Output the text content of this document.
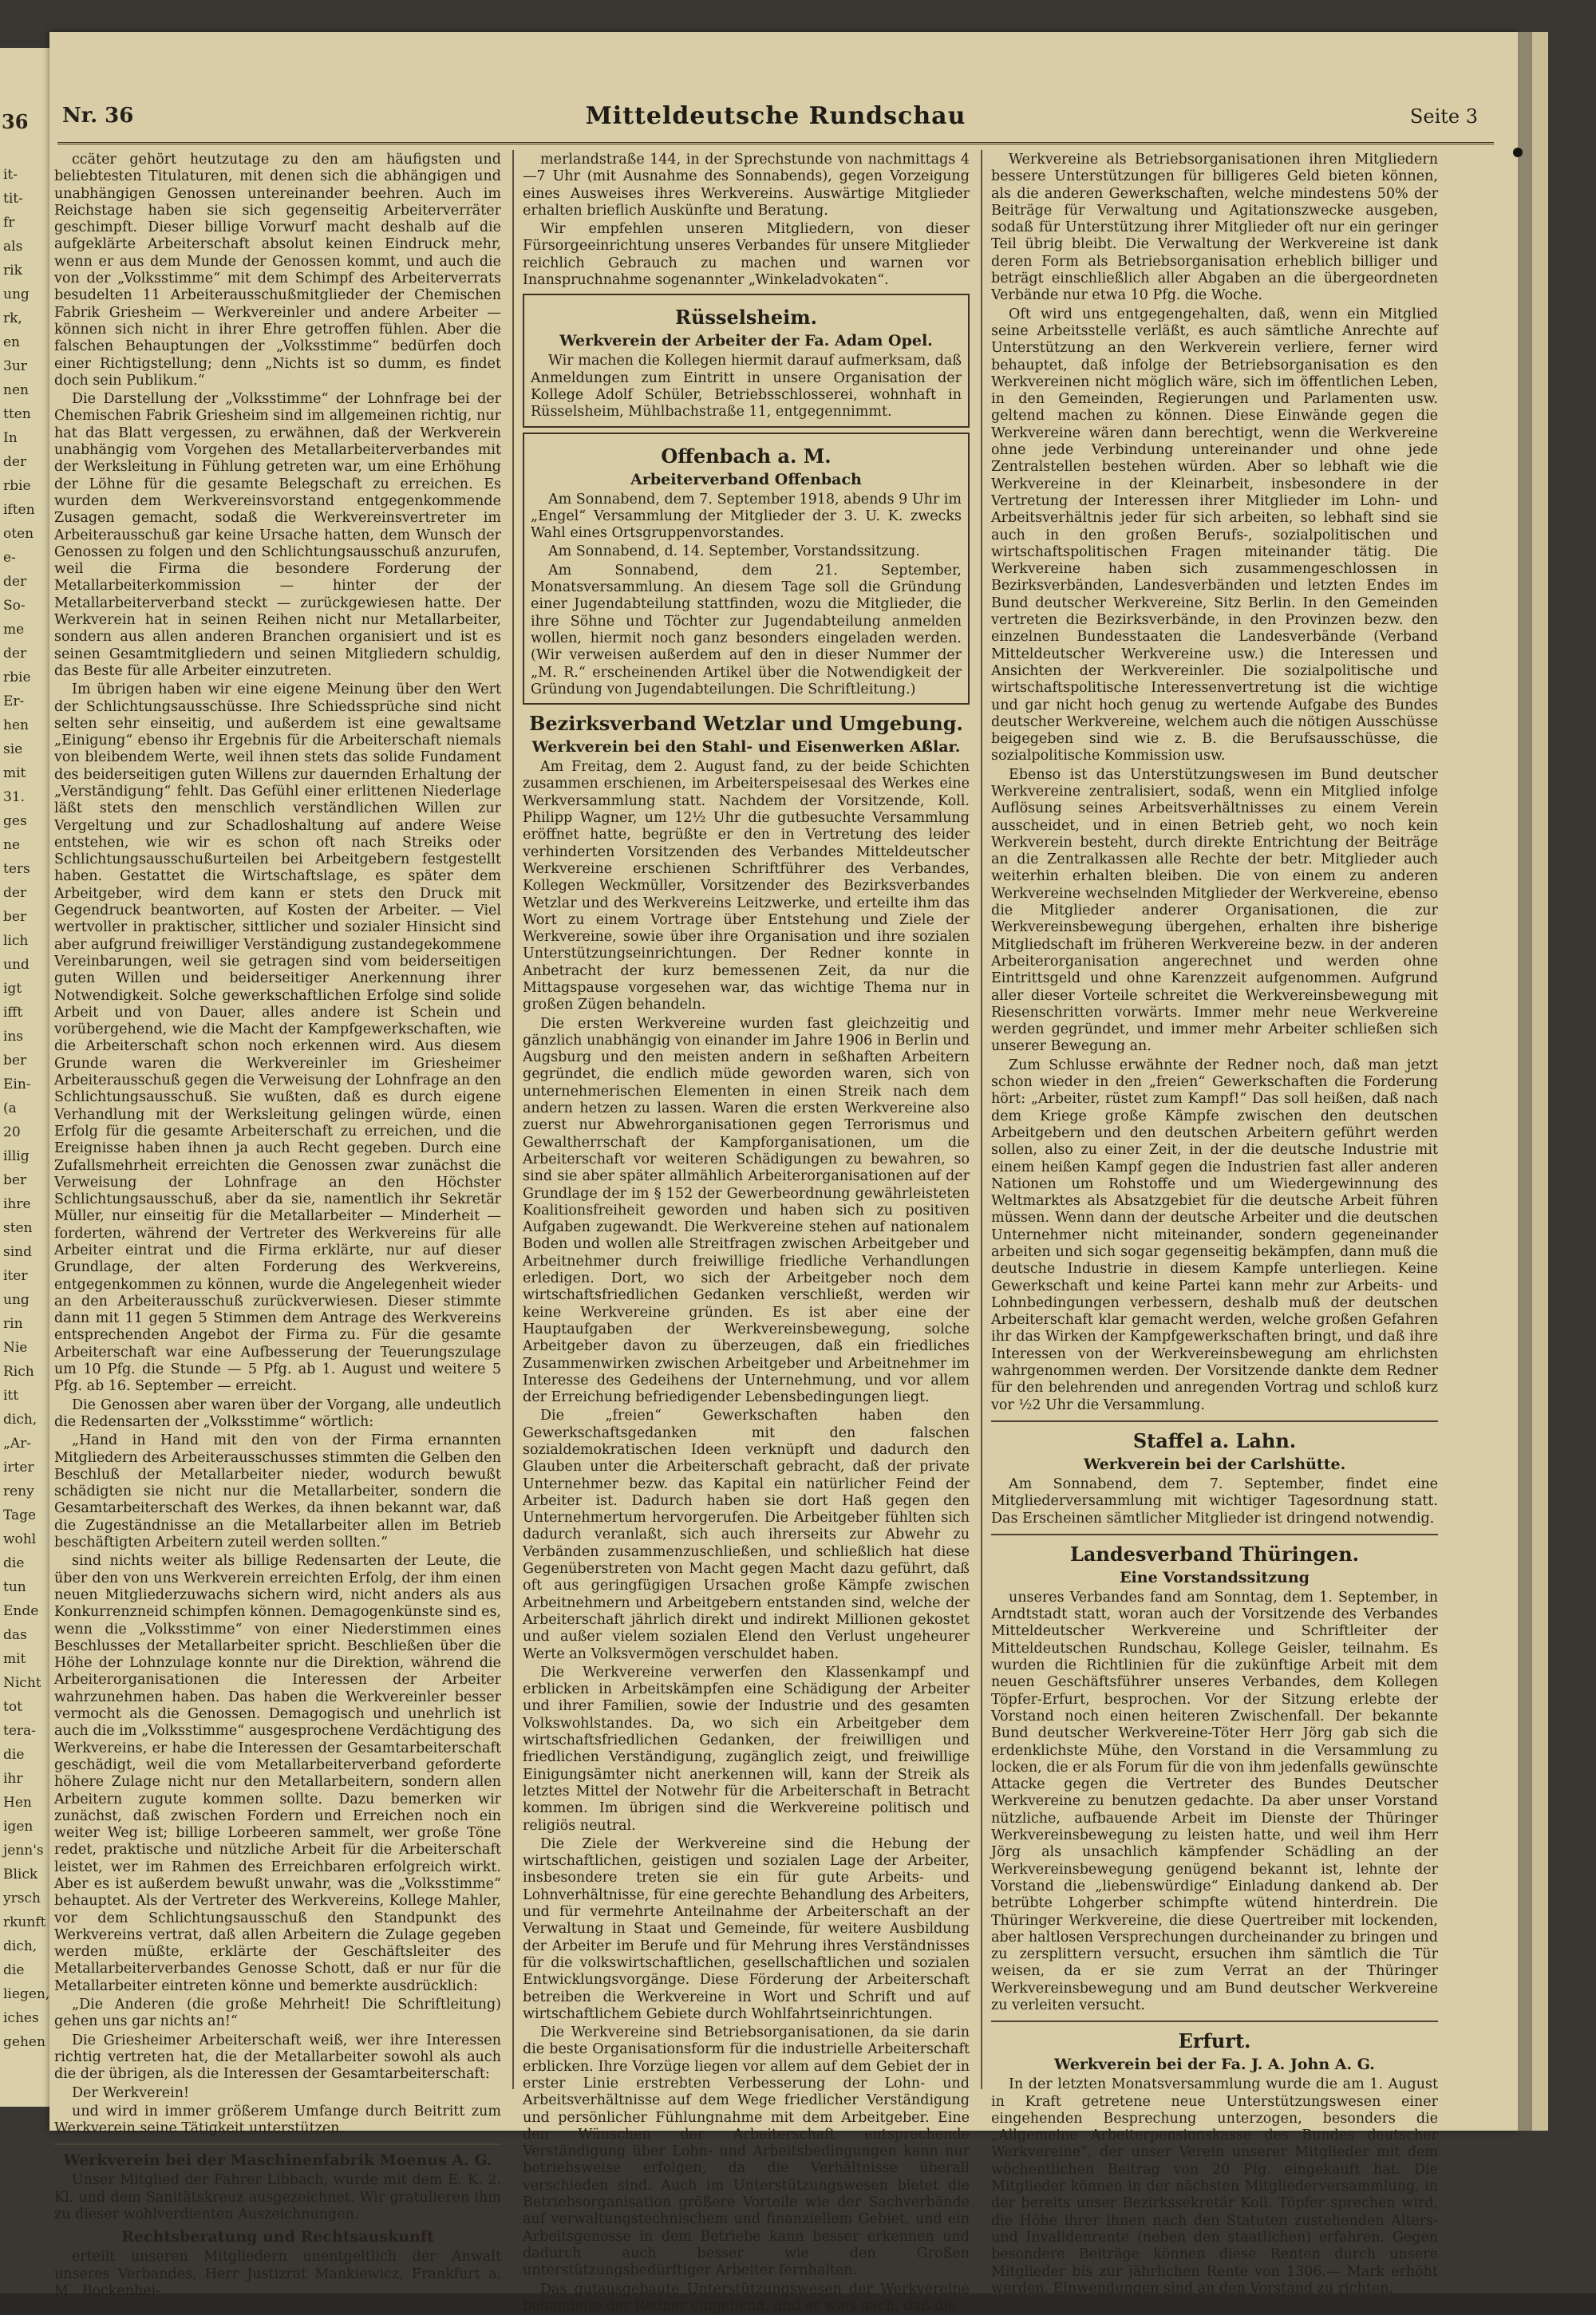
36
it-
tit-
fr
als
rik
ung
rk,
en
3ur
nen
tten
In
der
rbie
iften
oten
e-
der
So-
me
der
rbie
Er-
hen
sie
mit
31.
ges
ne
ters
der
ber
lich
und
igt
ifft
ins
ber
Ein-
(a
20
illig
ber
ihre
sten
sind
iter
ung
rin
Nie
Rich
itt
dich,
„Ar-
irter
reny
Tage
wohl
die
tun
Ende
das
mit
Nicht
tot
tera-
die
ihr
Hen
igen
jenn's
Blick
yrsch
rkunft
dich,
die
liegen,
iches
gehen
Nr. 36	Mitteldeutsche Rundschau	Seite 3

ccäter gehört heutzutage zu den am häufigsten und beliebtesten Titulaturen, mit denen sich die abhängigen und unabhängigen Genossen untereinander beehren. Auch im Reichstage haben sie sich gegenseitig Arbeiterverräter geschimpft. Dieser billige Vorwurf macht deshalb auf die aufgeklärte Arbeiterschaft absolut keinen Eindruck mehr, wenn er aus dem Munde der Genossen kommt, und auch die von der „Volksstimme“ mit dem Schimpf des Arbeiterverrats besudelten 11 Arbeiterausschußmitglieder der Chemischen Fabrik Griesheim — Werkvereinler und andere Arbeiter — können sich nicht in ihrer Ehre getroffen fühlen. Aber die falschen Behauptungen der „Volksstimme“ bedürfen doch einer Richtigstellung; denn „Nichts ist so dumm, es findet doch sein Publikum.“

Die Darstellung der „Volksstimme“ der Lohnfrage bei der Chemischen Fabrik Griesheim sind im allgemeinen richtig, nur hat das Blatt vergessen, zu erwähnen, daß der Werkverein unabhängig vom Vorgehen des Metallarbeiterverbandes mit der Werksleitung in Fühlung getreten war, um eine Erhöhung der Löhne für die gesamte Belegschaft zu erreichen. Es wurden dem Werkvereinsvorstand entgegenkommende Zusagen gemacht, sodaß die Werkvereinsvertreter im Arbeiterausschuß gar keine Ursache hatten, dem Wunsch der Genossen zu folgen und den Schlichtungsausschuß anzurufen, weil die Firma die besondere Forderung der Metallarbeiterkommission — hinter der der Metallarbeiterverband steckt — zurückgewiesen hatte. Der Werkverein hat in seinen Reihen nicht nur Metallarbeiter, sondern aus allen anderen Branchen organisiert und ist es seinen Gesamtmitgliedern und seinen Mitgliedern schuldig, das Beste für alle Arbeiter einzutreten.

Im übrigen haben wir eine eigene Meinung über den Wert der Schlichtungsausschüsse. Ihre Schiedssprüche sind nicht selten sehr einseitig, und außerdem ist eine gewaltsame „Einigung“ ebenso ihr Ergebnis für die Arbeiterschaft niemals von bleibendem Werte, weil ihnen stets das solide Fundament des beiderseitigen guten Willens zur dauernden Erhaltung der „Verständigung“ fehlt. Das Gefühl einer erlittenen Niederlage läßt stets den menschlich verständlichen Willen zur Vergeltung und zur Schadloshaltung auf andere Weise entstehen, wie wir es schon oft nach Streiks oder Schlichtungsausschußurteilen bei Arbeitgebern festgestellt haben. Gestattet die Wirtschaftslage, es später dem Arbeitgeber, wird dem kann er stets den Druck mit Gegendruck beantworten, auf Kosten der Arbeiter. — Viel wertvoller in praktischer, sittlicher und sozialer Hinsicht sind aber aufgrund freiwilliger Verständigung zustandegekommene Vereinbarungen, weil sie getragen sind vom beiderseitigen guten Willen und beiderseitiger Anerkennung ihrer Notwendigkeit. Solche gewerkschaftlichen Erfolge sind solide Arbeit und von Dauer, alles andere ist Schein und vorübergehend, wie die Macht der Kampfgewerkschaften, wie die Arbeiterschaft schon noch erkennen wird. Aus diesem Grunde waren die Werkvereinler im Griesheimer Arbeiterausschuß gegen die Verweisung der Lohnfrage an den Schlichtungsausschuß. Sie wußten, daß es durch eigene Verhandlung mit der Werksleitung gelingen würde, einen Erfolg für die gesamte Arbeiterschaft zu erreichen, und die Ereignisse haben ihnen ja auch Recht gegeben. Durch eine Zufallsmehrheit erreichten die Genossen zwar zunächst die Verweisung der Lohnfrage an den Höchster Schlichtungsausschuß, aber da sie, namentlich ihr Sekretär Müller, nur einseitig für die Metallarbeiter — Minderheit — forderten, während der Vertreter des Werkvereins für alle Arbeiter eintrat und die Firma erklärte, nur auf dieser Grundlage, der alten Forderung des Werkvereins, entgegenkommen zu können, wurde die Angelegenheit wieder an den Arbeiterausschuß zurückverwiesen. Dieser stimmte dann mit 11 gegen 5 Stimmen dem Antrage des Werkvereins entsprechenden Angebot der Firma zu. Für die gesamte Arbeiterschaft war eine Aufbesserung der Teuerungszulage um 10 Pfg. die Stunde — 5 Pfg. ab 1. August und weitere 5 Pfg. ab 16. September — erreicht.

Die Genossen aber waren über der Vorgang, alle undeutlich die Redensarten der „Volksstimme“ wörtlich:

„Hand in Hand mit den von der Firma ernannten Mitgliedern des Arbeiterausschusses stimmten die Gelben den Beschluß der Metallarbeiter nieder, wodurch bewußt schädigten sie nicht nur die Metallarbeiter, sondern die Gesamtarbeiterschaft des Werkes, da ihnen bekannt war, daß die Zugeständnisse an die Metallarbeiter allen im Betrieb beschäftigten Arbeitern zuteil werden sollten.“

sind nichts weiter als billige Redensarten der Leute, die über den von uns Werkverein erreichten Erfolg, der ihm einen neuen Mitgliederzuwachs sichern wird, nicht anders als aus Konkurrenzneid schimpfen können. Demagogenkünste sind es, wenn die „Volksstimme“ von einer Niederstimmen eines Beschlusses der Metallarbeiter spricht. Beschließen über die Höhe der Lohnzulage konnte nur die Direktion, während die Arbeiterorganisationen die Interessen der Arbeiter wahrzunehmen haben. Das haben die Werkvereinler besser vermocht als die Genossen. Demagogisch und unehrlich ist auch die im „Volksstimme“ ausgesprochene Verdächtigung des Werkvereins, er habe die Interessen der Gesamtarbeiterschaft geschädigt, weil die vom Metallarbeiterverband geforderte höhere Zulage nicht nur den Metallarbeitern, sondern allen Arbeitern zugute kommen sollte. Dazu bemerken wir zunächst, daß zwischen Fordern und Erreichen noch ein weiter Weg ist; billige Lorbeeren sammelt, wer große Töne redet, praktische und nützliche Arbeit für die Arbeiterschaft leistet, wer im Rahmen des Erreichbaren erfolgreich wirkt. Aber es ist außerdem bewußt unwahr, was die „Volksstimme“ behauptet. Als der Vertreter des Werkvereins, Kollege Mahler, vor dem Schlichtungsausschuß den Standpunkt des Werkvereins vertrat, daß allen Arbeitern die Zulage gegeben werden müßte, erklärte der Geschäftsleiter des Metallarbeiterverbandes Genosse Schott, daß er nur für die Metallarbeiter eintreten könne und bemerkte ausdrücklich:

„Die Anderen (die große Mehrheit! Die Schriftleitung) gehen uns gar nichts an!“

Die Griesheimer Arbeiterschaft weiß, wer ihre Interessen richtig vertreten hat, die der Metallarbeiter sowohl als auch die der übrigen, als die Interessen der Gesamtarbeiterschaft:

Der Werkverein!

und wird in immer größerem Umfange durch Beitritt zum Werkverein seine Tätigkeit unterstützen.

Werkverein bei der Maschinenfabrik Moenus A. G.

Unser Mitglied der Fahrer Libbach, wurde mit dem E. K. 2. Kl. und dem Sanitätskreuz ausgezeichnet. Wir gratulieren ihm zu dieser wohlverdienten Auszeichnungen.

Rechtsberatung und Rechtsauskunft

erteilt unseren Mitgliedern unentgeltlich der Anwalt unseres Verbandes, Herr Justizrat Mankiewicz, Frankfurt a. M., Bockenhei-

merlandstraße 144, in der Sprechstunde von nachmittags 4—7 Uhr (mit Ausnahme des Sonnabends), gegen Vorzeigung eines Ausweises ihres Werkvereins. Auswärtige Mitglieder erhalten brieflich Auskünfte und Beratung.

Wir empfehlen unseren Mitgliedern, von dieser Fürsorgeeinrichtung unseres Verbandes für unsere Mitglieder reichlich Gebrauch zu machen und warnen vor Inanspruchnahme sogenannter „Winkeladvokaten“.

Rüsselsheim.
Werkverein der Arbeiter der Fa. Adam Opel.

Wir machen die Kollegen hiermit darauf aufmerksam, daß Anmeldungen zum Eintritt in unsere Organisation der Kollege Adolf Schüler, Betriebsschlosserei, wohnhaft in Rüsselsheim, Mühlbachstraße 11, entgegennimmt.

Offenbach a. M.
Arbeiterverband Offenbach

Am Sonnabend, dem 7. September 1918, abends 9 Uhr im „Engel“ Versammlung der Mitglieder der 3. U. K. zwecks Wahl eines Ortsgruppenvorstandes.

Am Sonnabend, d. 14. September, Vorstandssitzung.

Am Sonnabend, dem 21. September, Monatsversammlung. An diesem Tage soll die Gründung einer Jugendabteilung stattfinden, wozu die Mitglieder, die ihre Söhne und Töchter zur Jugendabteilung anmelden wollen, hiermit noch ganz besonders eingeladen werden. (Wir verweisen außerdem auf den in dieser Nummer der „M. R.“ erscheinenden Artikel über die Notwendigkeit der Gründung von Jugendabteilungen. Die Schriftleitung.)

Bezirksverband Wetzlar und Umgebung.
Werkverein bei den Stahl- und Eisenwerken Aßlar.

Am Freitag, dem 2. August fand, zu der beide Schichten zusammen erschienen, im Arbeiterspeisesaal des Werkes eine Werkversammlung statt. Nachdem der Vorsitzende, Koll. Philipp Wagner, um 12½ Uhr die gutbesuchte Versammlung eröffnet hatte, begrüßte er den in Vertretung des leider verhinderten Vorsitzenden des Verbandes Mitteldeutscher Werkvereine erschienen Schriftführer des Verbandes, Kollegen Weckmüller, Vorsitzender des Bezirksverbandes Wetzlar und des Werkvereins Leitzwerke, und erteilte ihm das Wort zu einem Vortrage über Entstehung und Ziele der Werkvereine, sowie über ihre Organisation und ihre sozialen Unterstützungseinrichtungen. Der Redner konnte in Anbetracht der kurz bemessenen Zeit, da nur die Mittagspause vorgesehen war, das wichtige Thema nur in großen Zügen behandeln.

Die ersten Werkvereine wurden fast gleichzeitig und gänzlich unabhängig von einander im Jahre 1906 in Berlin und Augsburg und den meisten andern in seßhaften Arbeitern gegründet, die endlich müde geworden waren, sich von unternehmerischen Elementen in einen Streik nach dem andern hetzen zu lassen. Waren die ersten Werkvereine also zuerst nur Abwehrorganisationen gegen Terrorismus und Gewaltherrschaft der Kampforganisationen, um die Arbeiterschaft vor weiteren Schädigungen zu bewahren, so sind sie aber später allmählich Arbeiterorganisationen auf der Grundlage der im § 152 der Gewerbeordnung gewährleisteten Koalitionsfreiheit geworden und haben sich zu positiven Aufgaben zugewandt. Die Werkvereine stehen auf nationalem Boden und wollen alle Streitfragen zwischen Arbeitgeber und Arbeitnehmer durch freiwillige friedliche Verhandlungen erledigen. Dort, wo sich der Arbeitgeber noch dem wirtschaftsfriedlichen Gedanken verschließt, werden wir keine Werkvereine gründen. Es ist aber eine der Hauptaufgaben der Werkvereinsbewegung, solche Arbeitgeber davon zu überzeugen, daß ein friedliches Zusammenwirken zwischen Arbeitgeber und Arbeitnehmer im Interesse des Gedeihens der Unternehmung, und vor allem der Erreichung befriedigender Lebensbedingungen liegt.

Die „freien“ Gewerkschaften haben den Gewerkschaftsgedanken mit den falschen sozialdemokratischen Ideen verknüpft und dadurch den Glauben unter die Arbeiterschaft gebracht, daß der private Unternehmer bezw. das Kapital ein natürlicher Feind der Arbeiter ist. Dadurch haben sie dort Haß gegen den Unternehmertum hervorgerufen. Die Arbeitgeber fühlten sich dadurch veranlaßt, sich auch ihrerseits zur Abwehr zu Verbänden zusammenzuschließen, und schließlich hat diese Gegenüberstreten von Macht gegen Macht dazu geführt, daß oft aus geringfügigen Ursachen große Kämpfe zwischen Arbeitnehmern und Arbeitgebern entstanden sind, welche der Arbeiterschaft jährlich direkt und indirekt Millionen gekostet und außer vielem sozialen Elend den Verlust ungeheurer Werte an Volksvermögen verschuldet haben.

Die Werkvereine verwerfen den Klassenkampf und erblicken in Arbeitskämpfen eine Schädigung der Arbeiter und ihrer Familien, sowie der Industrie und des gesamten Volkswohlstandes. Da, wo sich ein Arbeitgeber dem wirtschaftsfriedlichen Gedanken, der freiwilligen und friedlichen Verständigung, zugänglich zeigt, und freiwillige Einigungsämter nicht anerkennen will, kann der Streik als letztes Mittel der Notwehr für die Arbeiterschaft in Betracht kommen. Im übrigen sind die Werkvereine politisch und religiös neutral.

Die Ziele der Werkvereine sind die Hebung der wirtschaftlichen, geistigen und sozialen Lage der Arbeiter, insbesondere treten sie ein für gute Arbeits- und Lohnverhältnisse, für eine gerechte Behandlung des Arbeiters, und für vermehrte Anteilnahme der Arbeiterschaft an der Verwaltung in Staat und Gemeinde, für weitere Ausbildung der Arbeiter im Berufe und für Mehrung ihres Verständnisses für die volkswirtschaftlichen, gesellschaftlichen und sozialen Entwicklungsvorgänge. Diese Förderung der Arbeiterschaft betreiben die Werkvereine in Wort und Schrift und auf wirtschaftlichem Gebiete durch Wohlfahrtseinrichtungen.

Die Werkvereine sind Betriebsorganisationen, da sie darin die beste Organisationsform für die industrielle Arbeiterschaft erblicken. Ihre Vorzüge liegen vor allem auf dem Gebiet der in erster Linie erstrebten Verbesserung der Lohn- und Arbeitsverhältnisse auf dem Wege friedlicher Verständigung und persönlicher Fühlungnahme mit dem Arbeitgeber. Eine den Wünschen der Arbeiterschaft entsprechende Verständigung über Lohn- und Arbeitsbedingungen kann nur betriebsweise erfolgen, da die Verhältnisse überall verschieden sind. Auch im Unterstützungswesen bietet die Betriebsorganisation größere Vorteile wie der Sachverbände auf verwaltungstechnischem und finanziellem Gebiet, und ein Arbeitsgenosse in dem Betriebe kann besser erkennen und dadurch auch besser wie den Großen unterstützungsbedürftiger Arbeiter fernhalten.

Das gutausgebaute Unterstützungswesen der Werkvereine behandelte der Redner eingehend, und er wies nach, daß die

Werkvereine als Betriebsorganisationen ihren Mitgliedern bessere Unterstützungen für billigeres Geld bieten können, als die anderen Gewerkschaften, welche mindestens 50% der Beiträge für Verwaltung und Agitationszwecke ausgeben, sodaß für Unterstützung ihrer Mitglieder oft nur ein geringer Teil übrig bleibt. Die Verwaltung der Werkvereine ist dank deren Form als Betriebsorganisation erheblich billiger und beträgt einschließlich aller Abgaben an die übergeordneten Verbände nur etwa 10 Pfg. die Woche.

Oft wird uns entgegengehalten, daß, wenn ein Mitglied seine Arbeitsstelle verläßt, es auch sämtliche Anrechte auf Unterstützung an den Werkverein verliere, ferner wird behauptet, daß infolge der Betriebsorganisation es den Werkvereinen nicht möglich wäre, sich im öffentlichen Leben, in den Gemeinden, Regierungen und Parlamenten usw. geltend machen zu können. Diese Einwände gegen die Werkvereine wären dann berechtigt, wenn die Werkvereine ohne jede Verbindung untereinander und ohne jede Zentralstellen bestehen würden. Aber so lebhaft wie die Werkvereine in der Kleinarbeit, insbesondere in der Vertretung der Interessen ihrer Mitglieder im Lohn- und Arbeitsverhältnis jeder für sich arbeiten, so lebhaft sind sie auch in den großen Berufs-, sozialpolitischen und wirtschaftspolitischen Fragen miteinander tätig. Die Werkvereine haben sich zusammengeschlossen in Bezirksverbänden, Landesverbänden und letzten Endes im Bund deutscher Werkvereine, Sitz Berlin. In den Gemeinden vertreten die Bezirksverbände, in den Provinzen bezw. den einzelnen Bundesstaaten die Landesverbände (Verband Mitteldeutscher Werkvereine usw.) die Interessen und Ansichten der Werkvereinler. Die sozialpolitische und wirtschaftspolitische Interessenvertretung ist die wichtige und gar nicht hoch genug zu wertende Aufgabe des Bundes deutscher Werkvereine, welchem auch die nötigen Ausschüsse beigegeben sind wie z. B. die Berufsausschüsse, die sozialpolitische Kommission usw.

Ebenso ist das Unterstützungswesen im Bund deutscher Werkvereine zentralisiert, sodaß, wenn ein Mitglied infolge Auflösung seines Arbeitsverhältnisses zu einem Verein ausscheidet, und in einen Betrieb geht, wo noch kein Werkverein besteht, durch direkte Entrichtung der Beiträge an die Zentralkassen alle Rechte der betr. Mitglieder auch weiterhin erhalten bleiben. Die von einem zu anderen Werkvereine wechselnden Mitglieder der Werkvereine, ebenso die Mitglieder anderer Organisationen, die zur Werkvereinsbewegung übergehen, erhalten ihre bisherige Mitgliedschaft im früheren Werkvereine bezw. in der anderen Arbeiterorganisation angerechnet und werden ohne Eintrittsgeld und ohne Karenzzeit aufgenommen. Aufgrund aller dieser Vorteile schreitet die Werkvereinsbewegung mit Riesenschritten vorwärts. Immer mehr neue Werkvereine werden gegründet, und immer mehr Arbeiter schließen sich unserer Bewegung an.

Zum Schlusse erwähnte der Redner noch, daß man jetzt schon wieder in den „freien“ Gewerkschaften die Forderung hört: „Arbeiter, rüstet zum Kampf!“ Das soll heißen, daß nach dem Kriege große Kämpfe zwischen den deutschen Arbeitgebern und den deutschen Arbeitern geführt werden sollen, also zu einer Zeit, in der die deutsche Industrie mit einem heißen Kampf gegen die Industrien fast aller anderen Nationen um Rohstoffe und um Wiedergewinnung des Weltmarktes als Absatzgebiet für die deutsche Arbeit führen müssen. Wenn dann der deutsche Arbeiter und die deutschen Unternehmer nicht miteinander, sondern gegeneinander arbeiten und sich sogar gegenseitig bekämpfen, dann muß die deutsche Industrie in diesem Kampfe unterliegen. Keine Gewerkschaft und keine Partei kann mehr zur Arbeits- und Lohnbedingungen verbessern, deshalb muß der deutschen Arbeiterschaft klar gemacht werden, welche großen Gefahren ihr das Wirken der Kampfgewerkschaften bringt, und daß ihre Interessen von der Werkvereinsbewegung am ehrlichsten wahrgenommen werden. Der Vorsitzende dankte dem Redner für den belehrenden und anregenden Vortrag und schloß kurz vor ½2 Uhr die Versammlung.

Staffel a. Lahn.
Werkverein bei der Carlshütte.

Am Sonnabend, dem 7. September, findet eine Mitgliederversammlung mit wichtiger Tagesordnung statt. Das Erscheinen sämtlicher Mitglieder ist dringend notwendig.

Landesverband Thüringen.
Eine Vorstandssitzung

unseres Verbandes fand am Sonntag, dem 1. September, in Arndtstadt statt, woran auch der Vorsitzende des Verbandes Mitteldeutscher Werkvereine und Schriftleiter der Mitteldeutschen Rundschau, Kollege Geisler, teilnahm. Es wurden die Richtlinien für die zukünftige Arbeit mit dem neuen Geschäftsführer unseres Verbandes, dem Kollegen Töpfer-Erfurt, besprochen. Vor der Sitzung erlebte der Vorstand noch einen heiteren Zwischenfall. Der bekannte Bund deutscher Werkvereine-Töter Herr Jörg gab sich die erdenklichste Mühe, den Vorstand in die Versammlung zu locken, die er als Forum für die von ihm jedenfalls gewünschte Attacke gegen die Vertreter des Bundes Deutscher Werkvereine zu benutzen gedachte. Da aber unser Vorstand nützliche, aufbauende Arbeit im Dienste der Thüringer Werkvereinsbewegung zu leisten hatte, und weil ihm Herr Jörg als unsachlich kämpfender Schädling an der Werkvereinsbewegung genügend bekannt ist, lehnte der Vorstand die „liebenswürdige“ Einladung dankend ab. Der betrübte Lohgerber schimpfte wütend hinterdrein. Die Thüringer Werkvereine, die diese Quertreiber mit lockenden, aber haltlosen Versprechungen durcheinander zu bringen und zu zersplittern versucht, ersuchen ihm sämtlich die Tür weisen, da er sie zum Verrat an der Thüringer Werkvereinsbewegung und am Bund deutscher Werkvereine zu verleiten versucht.

Erfurt.
Werkverein bei der Fa. J. A. John A. G.

In der letzten Monatsversammlung wurde die am 1. August in Kraft getretene neue Unterstützungswesen einer eingehenden Besprechung unterzogen, besonders die „Allgemeine Arbeiterpensionskasse des Bundes deutscher Werkvereine“, der unser Verein unserer Mitglieder mit dem wöchentlichen Beitrag von 20 Pfg. eingekauft hat. Die Mitglieder können in der nächsten Mitgliederversammlung, in der bereits unser Bezirkssekretär Koll. Töpfer sprechen wird, die Höhe ihrer ihnen nach den Statuten zustehenden Alters- und Invalidenrente (neben den staatlichen) erfahren. Gegen besondere Beiträge können diese Renten durch unsere Mitglieder bis zur jährlichen Rente von 1306.— Mark erhöht werden. Einwendungen sind an den Vorstand zu richten.
